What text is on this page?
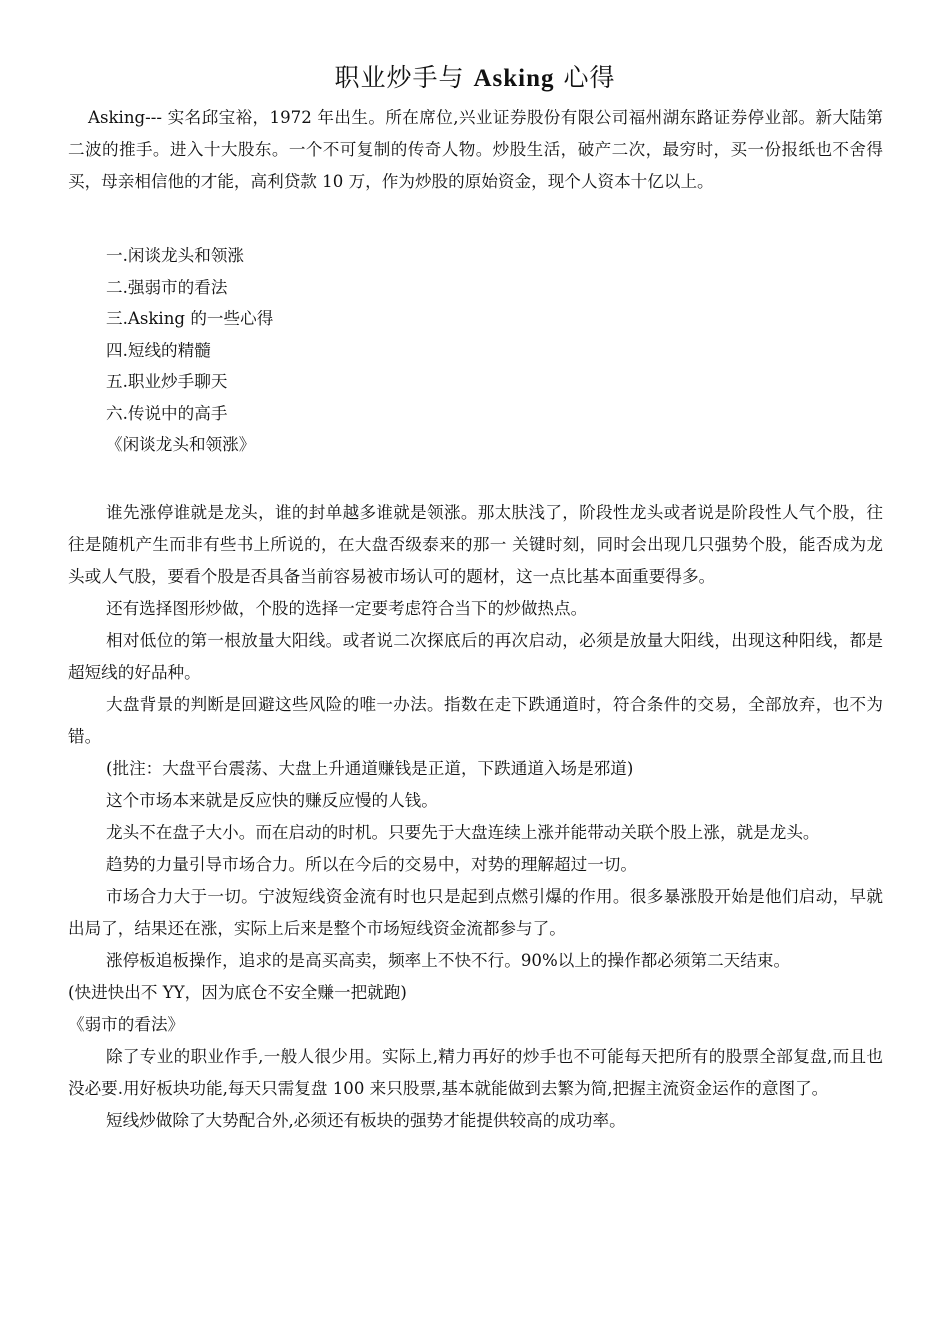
职业炒手与 Asking 心得

Asking--- 实名邱宝裕，1972 年出生。所在席位,兴业证券股份有限公司福州湖东路证券停业部。新大陆第二波的推手。进入十大股东。一个不可复制的传奇人物。炒股生活，破产二次，最穷时，买一份报纸也不舍得买，母亲相信他的才能，高利贷款 10 万，作为炒股的原始资金，现个人资本十亿以上。

一.闲谈龙头和领涨
二.强弱市的看法
三.Asking 的一些心得
四.短线的精髓
五.职业炒手聊天
六.传说中的高手
《闲谈龙头和领涨》

谁先涨停谁就是龙头，谁的封单越多谁就是领涨。那太肤浅了，阶段性龙头或者说是阶段性人气个股，往往是随机产生而非有些书上所说的，在大盘否级泰来的那一 关键时刻，同时会出现几只强势个股，能否成为龙头或人气股，要看个股是否具备当前容易被市场认可的题材，这一点比基本面重要得多。

还有选择图形炒做，个股的选择一定要考虑符合当下的炒做热点。

相对低位的第一根放量大阳线。或者说二次探底后的再次启动，必须是放量大阳线，出现这种阳线，都是超短线的好品种。

大盘背景的判断是回避这些风险的唯一办法。指数在走下跌通道时，符合条件的交易，全部放弃，也不为错。

(批注：大盘平台震荡、大盘上升通道赚钱是正道，下跌通道入场是邪道)

这个市场本来就是反应快的赚反应慢的人钱。

龙头不在盘子大小。而在启动的时机。只要先于大盘连续上涨并能带动关联个股上涨，就是龙头。

趋势的力量引导市场合力。所以在今后的交易中，对势的理解超过一切。

市场合力大于一切。宁波短线资金流有时也只是起到点燃引爆的作用。很多暴涨股开始是他们启动，早就出局了，结果还在涨，实际上后来是整个市场短线资金流都参与了。

涨停板追板操作，追求的是高买高卖，频率上不快不行。90%以上的操作都必须第二天结束。

(快进快出不 YY，因为底仓不安全赚一把就跑)

《弱市的看法》

除了专业的职业作手,一般人很少用。实际上,精力再好的炒手也不可能每天把所有的股票全部复盘,而且也没必要.用好板块功能,每天只需复盘 100 来只股票,基本就能做到去繁为简,把握主流资金运作的意图了。

短线炒做除了大势配合外,必须还有板块的强势才能提供较高的成功率。
